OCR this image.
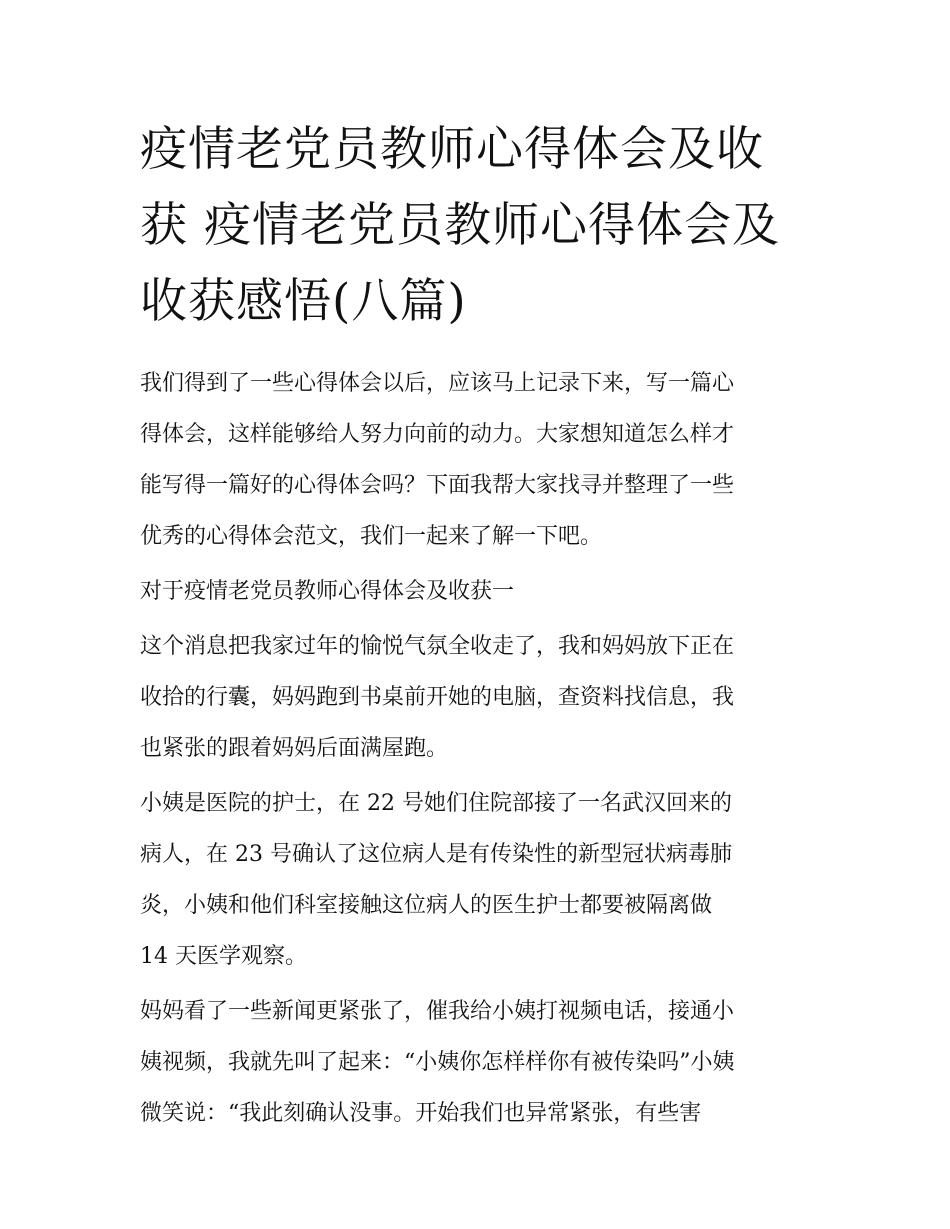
疫情老党员教师心得体会及收
获 疫情老党员教师心得体会及
收获感悟(八篇)

我们得到了一些心得体会以后，应该马上记录下来，写一篇心
得体会，这样能够给人努力向前的动力。大家想知道怎么样才
能写得一篇好的心得体会吗？下面我帮大家找寻并整理了一些
优秀的心得体会范文，我们一起来了解一下吧。

对于疫情老党员教师心得体会及收获一

这个消息把我家过年的愉悦气氛全收走了，我和妈妈放下正在
收拾的行囊，妈妈跑到书桌前开她的电脑，查资料找信息，我
也紧张的跟着妈妈后面满屋跑。

小姨是医院的护士，在 22 号她们住院部接了一名武汉回来的
病人，在 23 号确认了这位病人是有传染性的新型冠状病毒肺
炎，小姨和他们科室接触这位病人的医生护士都要被隔离做
14 天医学观察。

妈妈看了一些新闻更紧张了，催我给小姨打视频电话，接通小
姨视频，我就先叫了起来：“小姨你怎样样你有被传染吗”小姨
微笑说：“我此刻确认没事。开始我们也异常紧张，有些害
